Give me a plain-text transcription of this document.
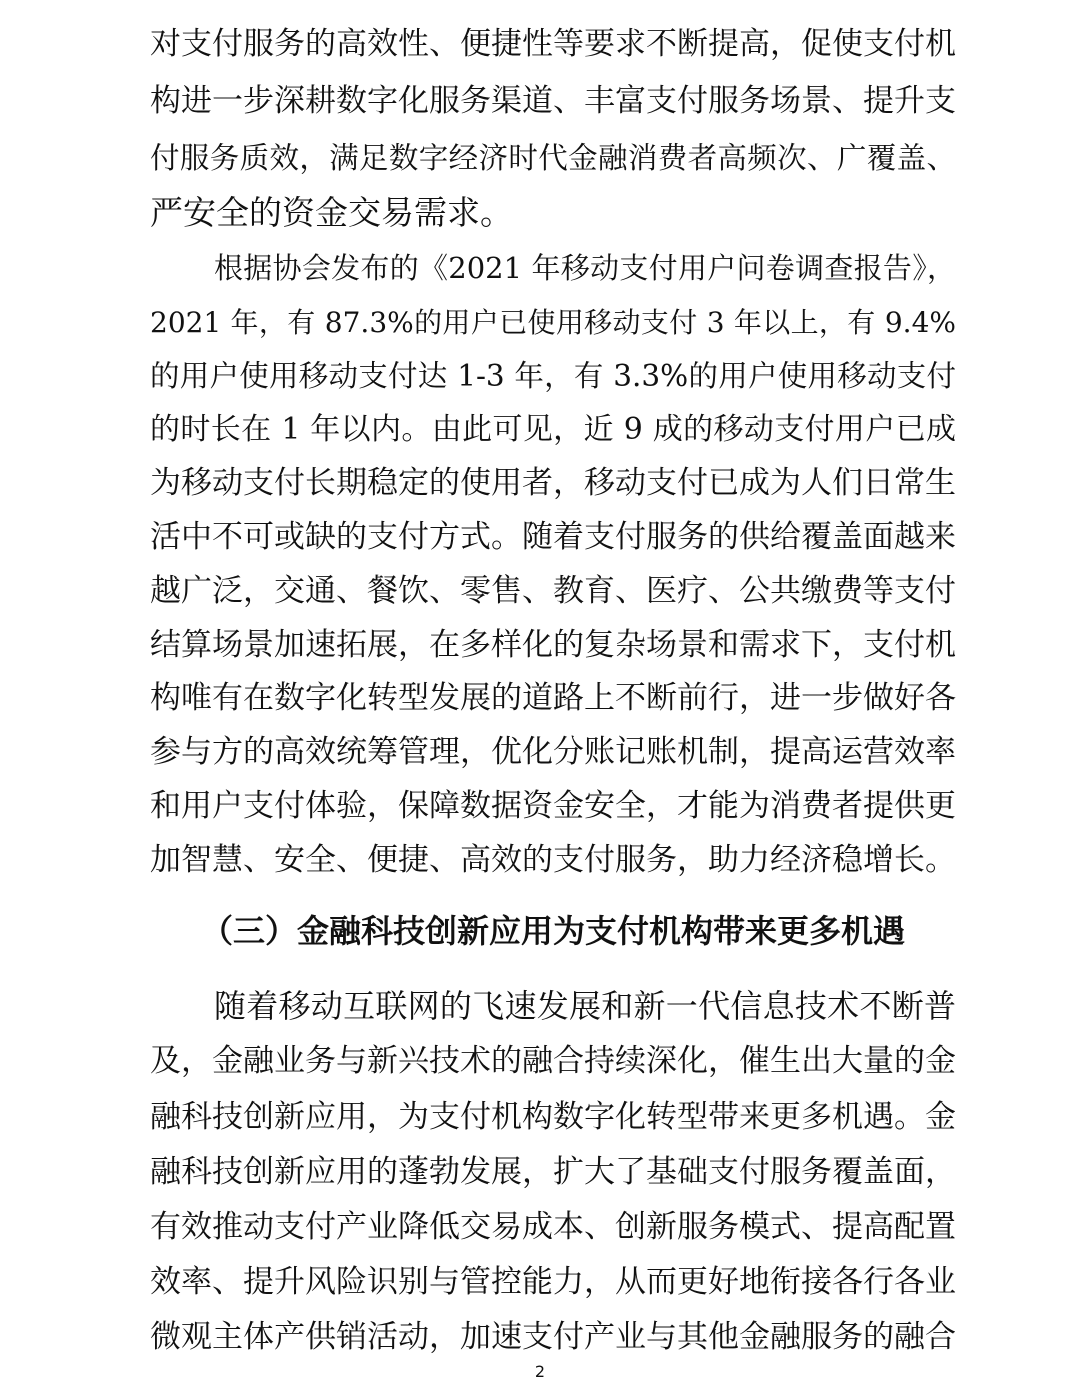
对支付服务的高效性、便捷性等要求不断提高，促使支付机
构进一步深耕数字化服务渠道、丰富支付服务场景、提升支
付服务质效，满足数字经济时代金融消费者高频次、广覆盖、
严安全的资金交易需求。
根据协会发布的《2021 年移动支付用户问卷调查报告》，
2021 年，有 87.3%的用户已使用移动支付 3 年以上，有 9.4%
的用户使用移动支付达 1-3 年，有 3.3%的用户使用移动支付
的时长在 1 年以内。由此可见，近 9 成的移动支付用户已成
为移动支付长期稳定的使用者，移动支付已成为人们日常生
活中不可或缺的支付方式。随着支付服务的供给覆盖面越来
越广泛，交通、餐饮、零售、教育、医疗、公共缴费等支付
结算场景加速拓展，在多样化的复杂场景和需求下，支付机
构唯有在数字化转型发展的道路上不断前行，进一步做好各
参与方的高效统筹管理，优化分账记账机制，提高运营效率
和用户支付体验，保障数据资金安全，才能为消费者提供更
加智慧、安全、便捷、高效的支付服务，助力经济稳增长。
（三）金融科技创新应用为支付机构带来更多机遇
随着移动互联网的飞速发展和新一代信息技术不断普
及，金融业务与新兴技术的融合持续深化，催生出大量的金
融科技创新应用，为支付机构数字化转型带来更多机遇。金
融科技创新应用的蓬勃发展，扩大了基础支付服务覆盖面，
有效推动支付产业降低交易成本、创新服务模式、提高配置
效率、提升风险识别与管控能力，从而更好地衔接各行各业
微观主体产供销活动，加速支付产业与其他金融服务的融合
2
